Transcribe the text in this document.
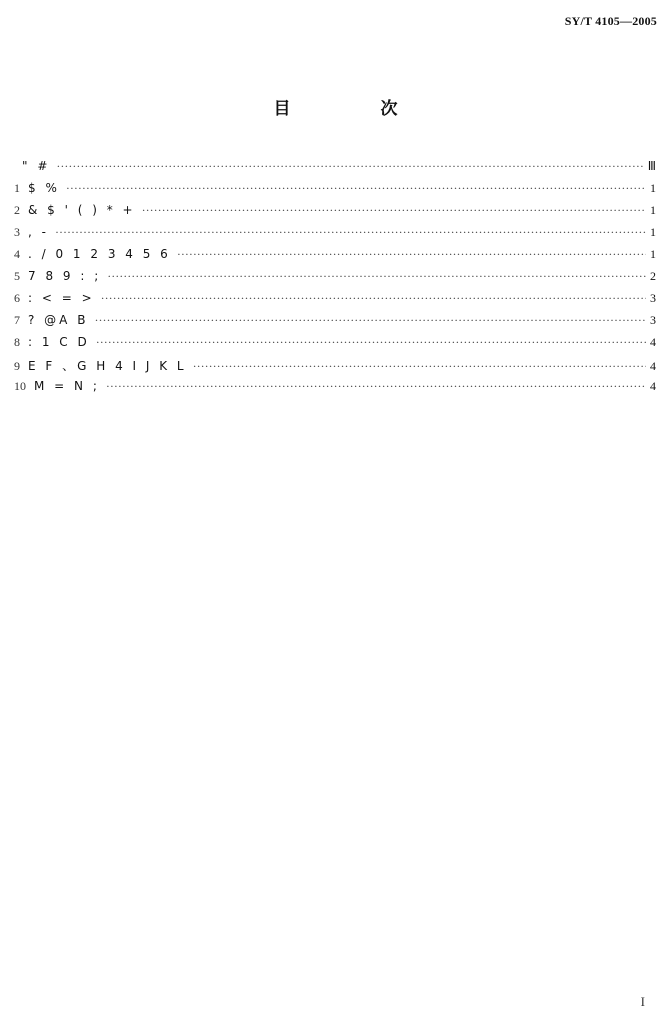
SY/T 4105—2005
目 次
" # ·····	Ⅲ
1 $ % ·····	1
2 & $ ' ( ) * + ·····	1
3 , - ·····	1
4 . / 0 1 2 3 4 5 6 ·····	1
5 7 8 9 : ; ·····	2
6 : < = > ·····	3
7 ? @A B ·····	3
8 : 1 C D ·····	4
9 E F 、G H 4 I J K L ·····	4
10 M = N ; ·····	4
I
